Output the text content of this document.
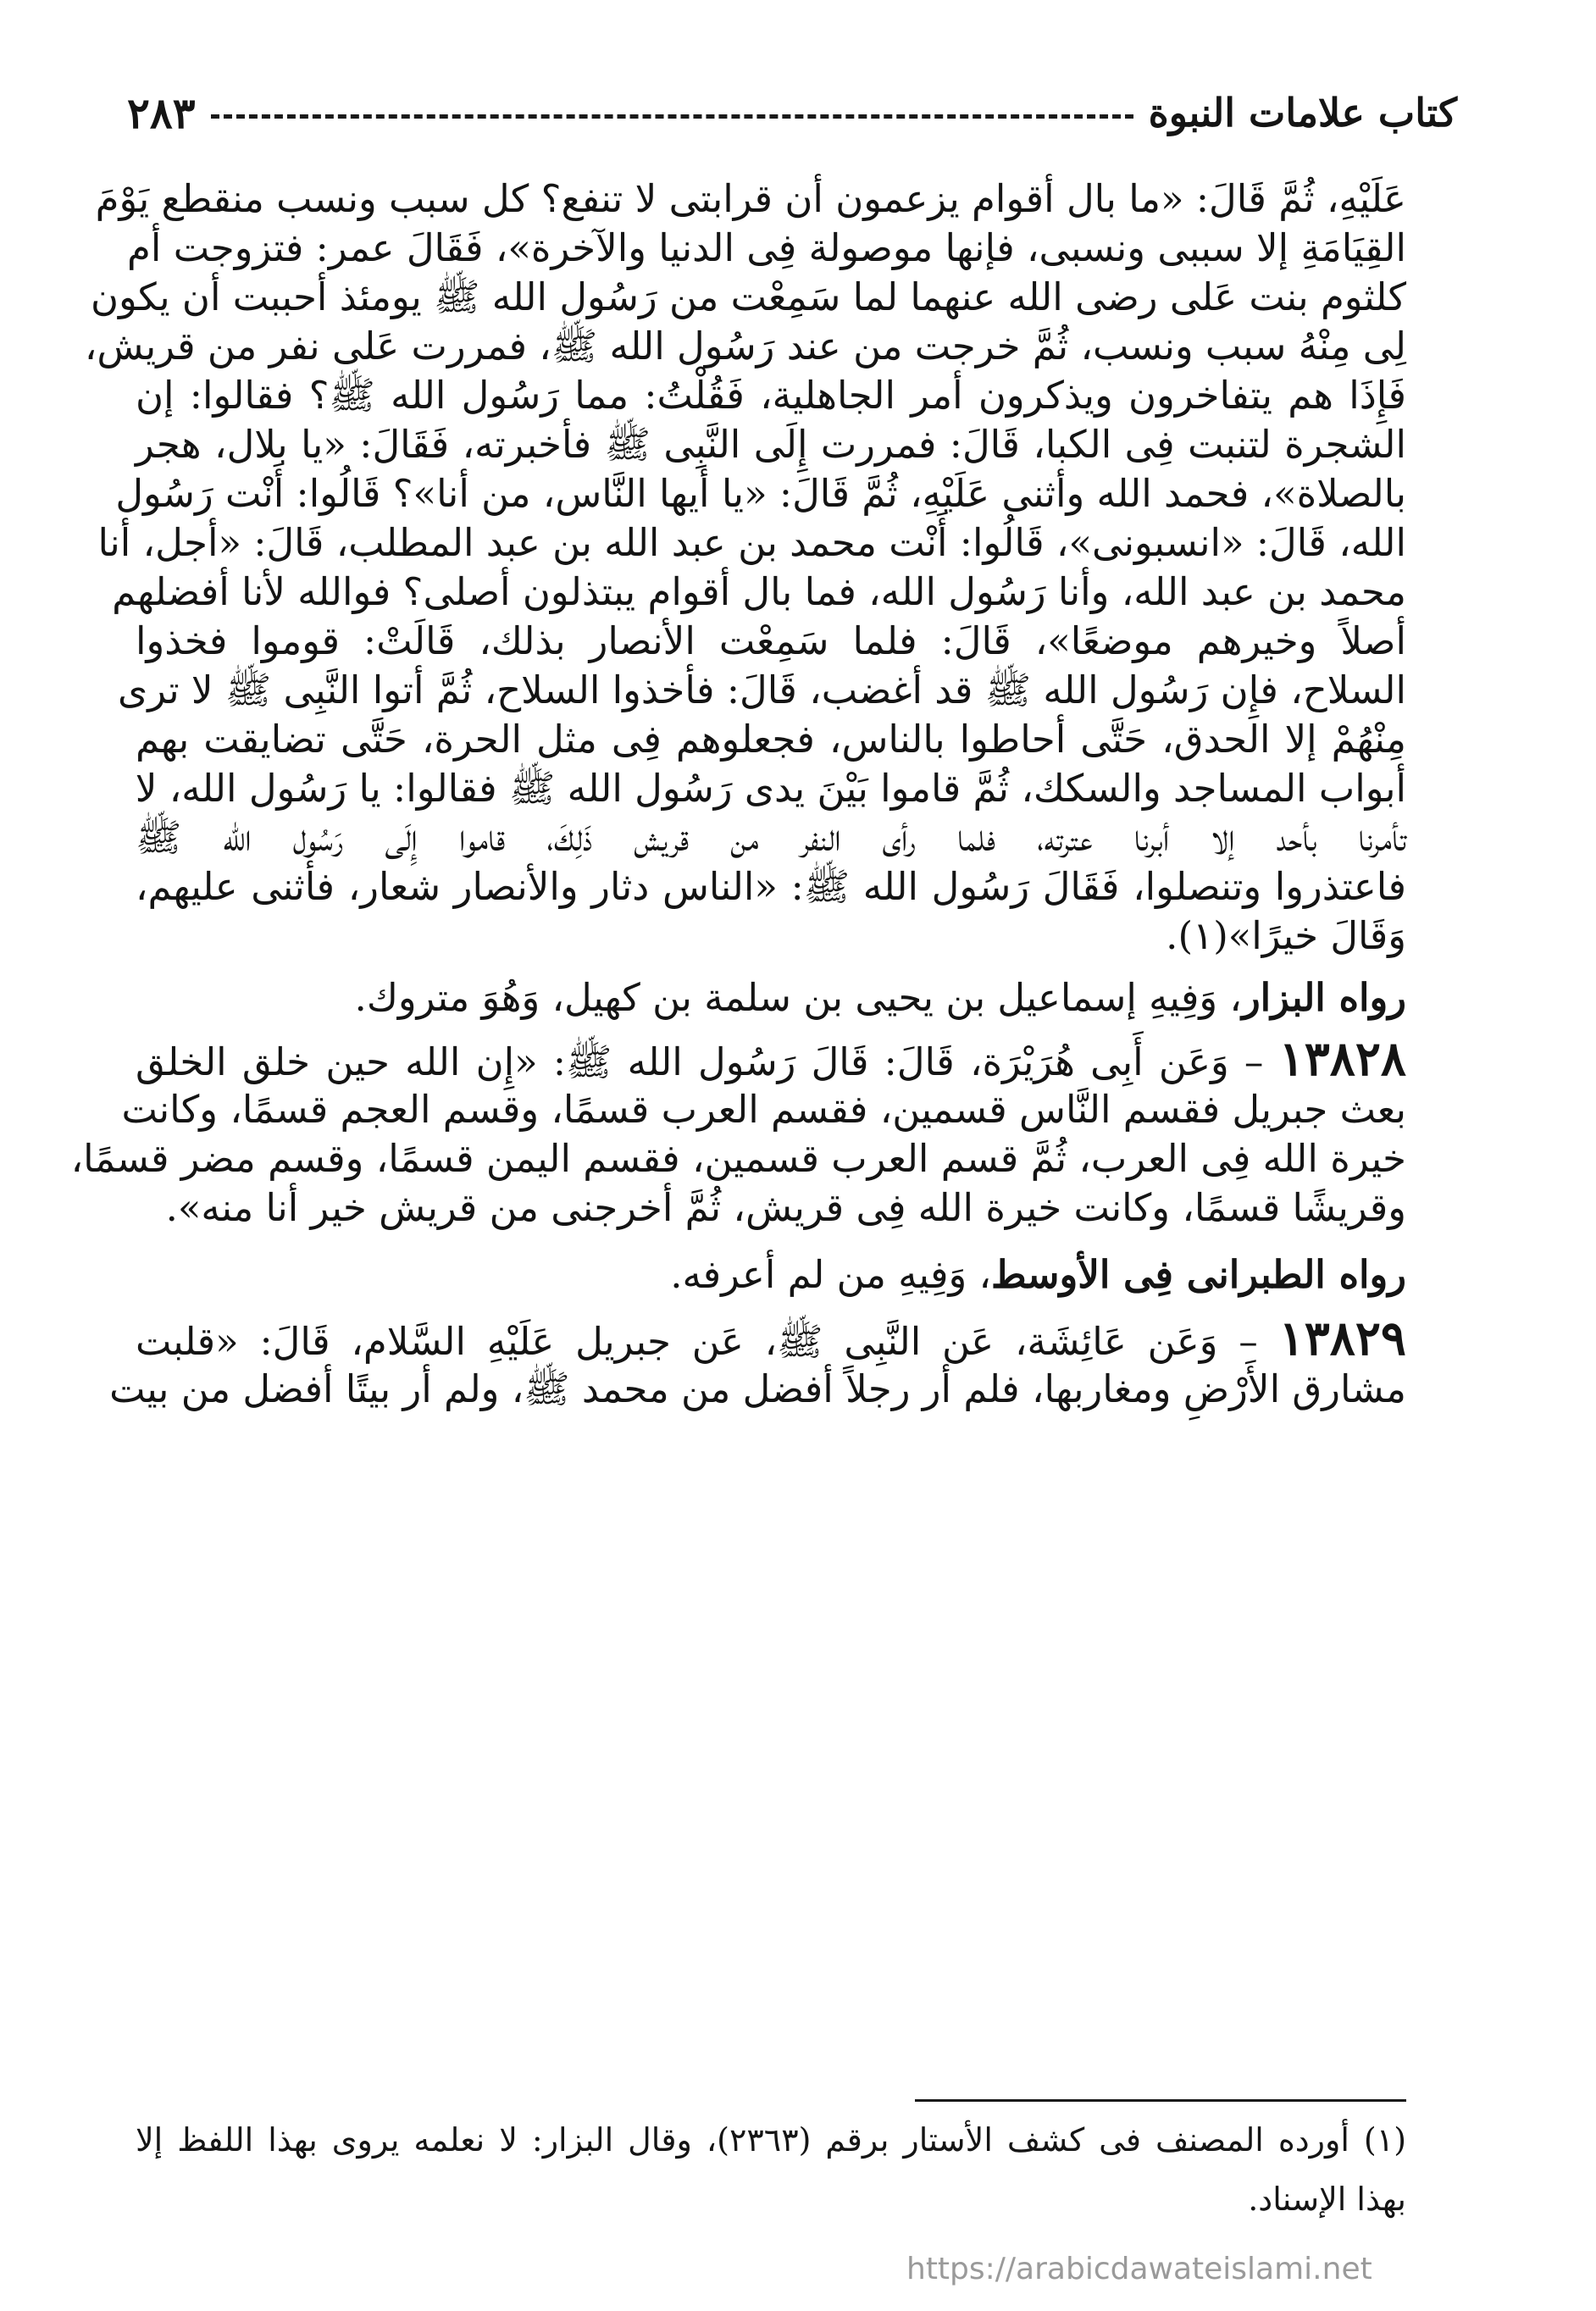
كتاب علامات النبوة
٢٨٣
عَلَيْهِ، ثُمَّ قَالَ: «ما بال أقوام يزعمون أن قرابتى لا تنفع؟ كل سبب ونسب منقطع يَوْمَ
القِيَامَةِ إلا سببى ونسبى، فإنها موصولة فِى الدنيا والآخرة»، فَقَالَ عمر: فتزوجت أم
كلثوم بنت عَلى رضى الله عنهما لما سَمِعْت من رَسُول الله ﷺ يومئذ أحببت أن يكون
لِى مِنْهُ سبب ونسب، ثُمَّ خرجت من عند رَسُول الله ﷺ، فمررت عَلى نفر من قريش،
فَإِذَا هم يتفاخرون ويذكرون أمر الجاهلية، فَقُلْتُ: مما رَسُول الله ﷺ؟ فقالوا: إن
الشجرة لتنبت فِى الكبا، قَالَ: فمررت إِلَى النَّبِى ﷺ فأخبرته، فَقَالَ: «يا بلال، هجر
بالصلاة»، فحمد الله وأثنى عَلَيْهِ، ثُمَّ قَالَ: «يا أيها النَّاس، من أنا»؟ قَالُوا: أَنْت رَسُول
الله، قَالَ: «انسبونى»، قَالُوا: أَنْت محمد بن عبد الله بن عبد المطلب، قَالَ: «أجل، أنا
محمد بن عبد الله، وأنا رَسُول الله، فما بال أقوام يبتذلون أصلى؟ فوالله لأنا أفضلهم
أصلاً وخيرهم موضعًا»، قَالَ: فلما سَمِعْت الأنصار بذلك، قَالَتْ: قوموا فخذوا
السلاح، فإِن رَسُول الله ﷺ قد أغضب، قَالَ: فأخذوا السلاح، ثُمَّ أتوا النَّبِى ﷺ لا ترى
مِنْهُمْ إلا الحدق، حَتَّى أحاطوا بالناس، فجعلوهم فِى مثل الحرة، حَتَّى تضايقت بهم
أبواب المساجد والسكك، ثُمَّ قاموا بَيْنَ يدى رَسُول الله ﷺ فقالوا: يا رَسُول الله، لا
تأمرنا بأحد إلا أبرنا عترته، فلما رأى النفر من قريش ذَلِكَ، قاموا إِلَى رَسُول الله ﷺ
فاعتذروا وتنصلوا، فَقَالَ رَسُول الله ﷺ: «الناس دثار والأنصار شعار، فأثنى عليهم،
وَقَالَ خيرًا»(١).
رواه البزار، وَفِيهِ إسماعيل بن يحيى بن سلمة بن كهيل، وَهُوَ متروك.
١٣٨٢٨ – وَعَن أَبِى هُرَيْرَة، قَالَ: قَالَ رَسُول الله ﷺ: «إِن الله حين خلق الخلق
بعث جبريل فقسم النَّاس قسمين، فقسم العرب قسمًا، وقسم العجم قسمًا، وكانت
خيرة الله فِى العرب، ثُمَّ قسم العرب قسمين، فقسم اليمن قسمًا، وقسم مضر قسمًا،
وقريشًا قسمًا، وكانت خيرة الله فِى قريش، ثُمَّ أخرجنى من قريش خير أنا منه».
رواه الطبرانى فِى الأوسط، وَفِيهِ من لم أعرفه.
١٣٨٢٩ – وَعَن عَائِشَة، عَن النَّبِى ﷺ، عَن جبريل عَلَيْهِ السَّلام، قَالَ: «قلبت
مشارق الأَرْضِ ومغاربها، فلم أر رجلاً أفضل من محمد ﷺ، ولم أر بيتًا أفضل من بيت
(١) أورده المصنف فى كشف الأستار برقم (٢٣٦٣)، وقال البزار: لا نعلمه يروى بهذا اللفظ إلا
بهذا الإسناد.
https://arabicdawateislami.net
